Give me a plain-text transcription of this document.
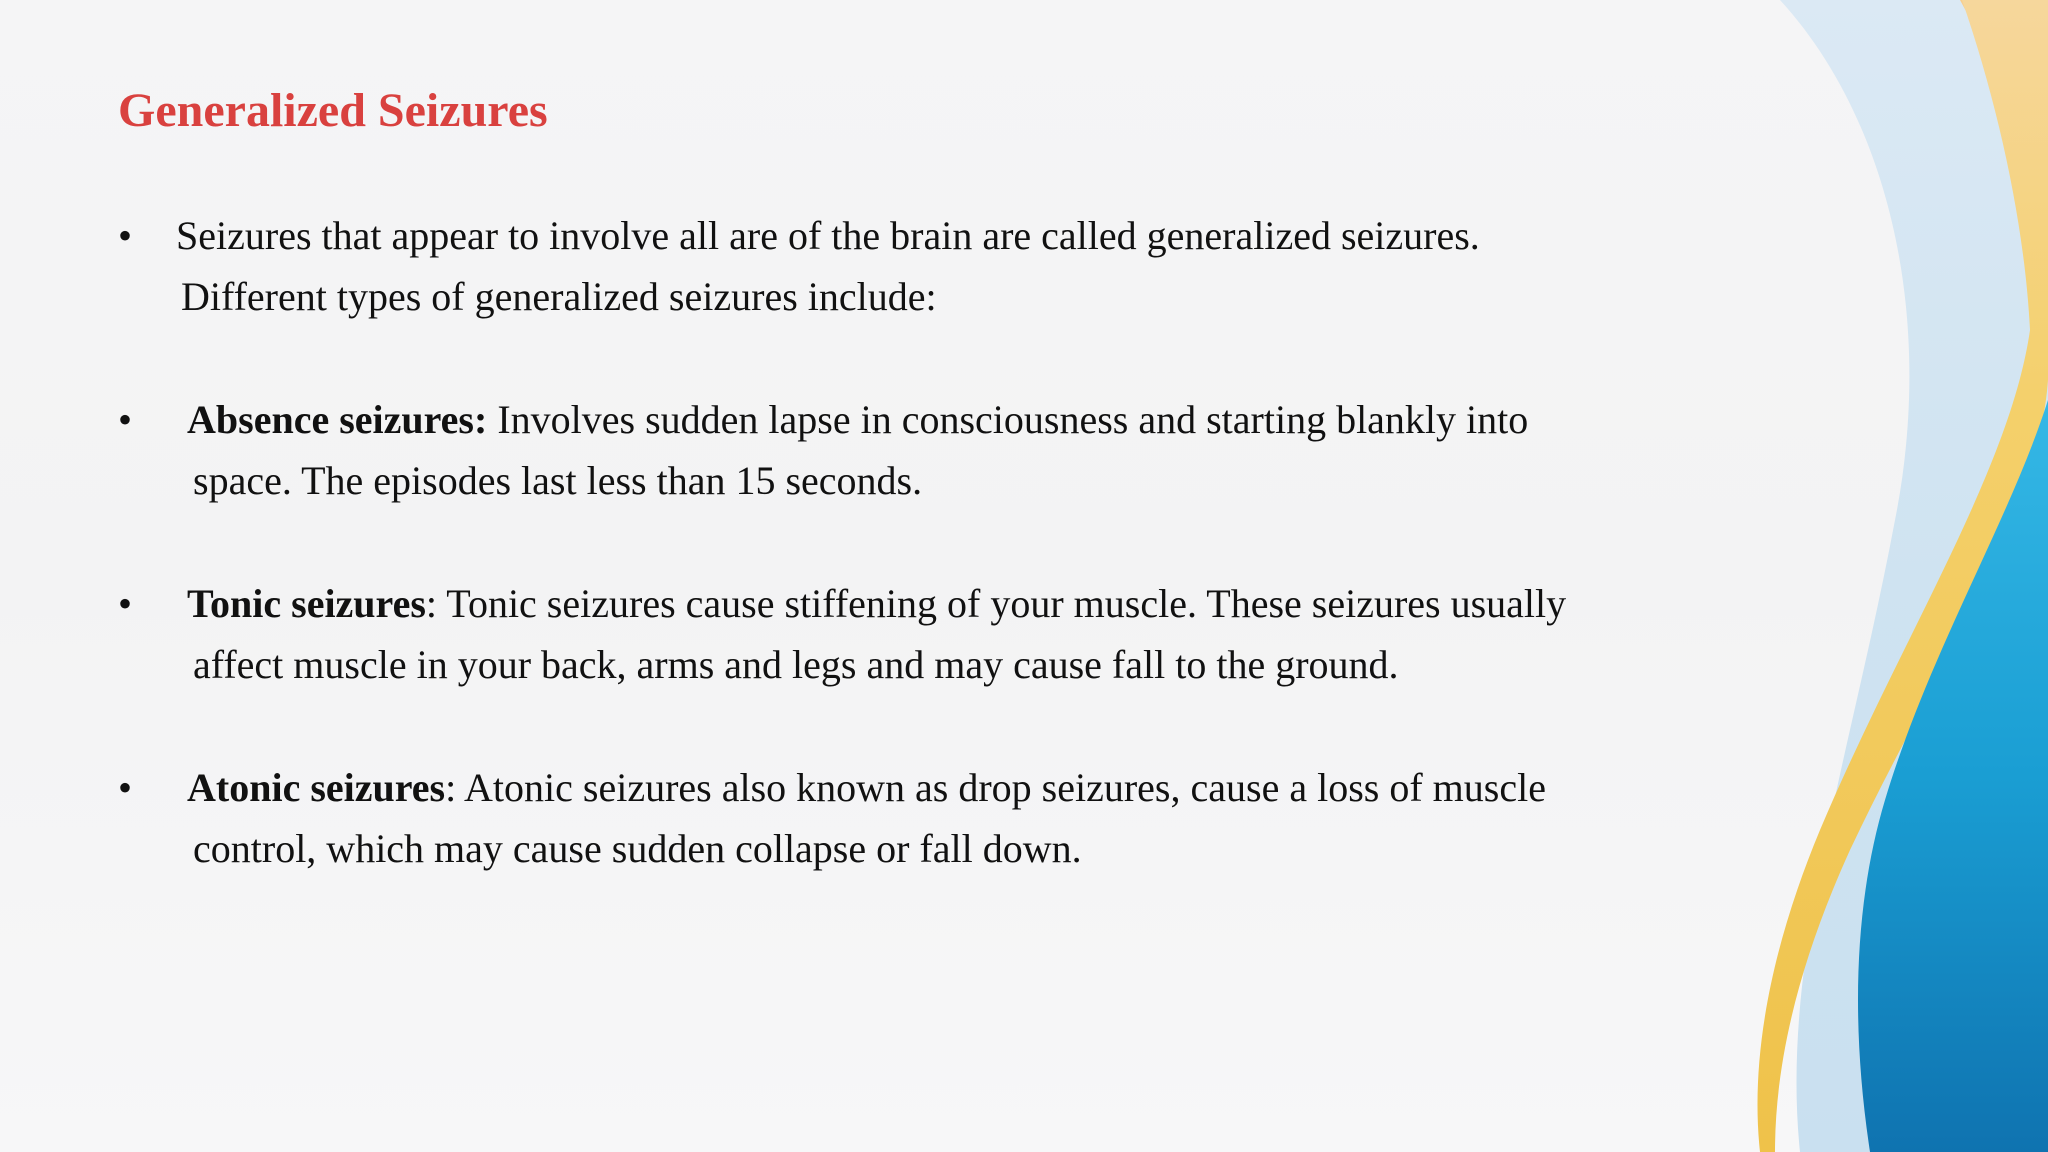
Generalized Seizures
•	Seizures that appear to involve all are of the brain are called generalized seizures.
Different types of generalized seizures include:
•	Absence seizures: Involves sudden lapse in consciousness and starting blankly into
space. The episodes last less than 15 seconds.
•	Tonic seizures: Tonic seizures cause stiffening of your muscle. These seizures usually
affect muscle in your back, arms and legs and may cause fall to the ground.
•	Atonic seizures: Atonic seizures also known as drop seizures, cause a loss of muscle
control, which may cause sudden collapse or fall down.
